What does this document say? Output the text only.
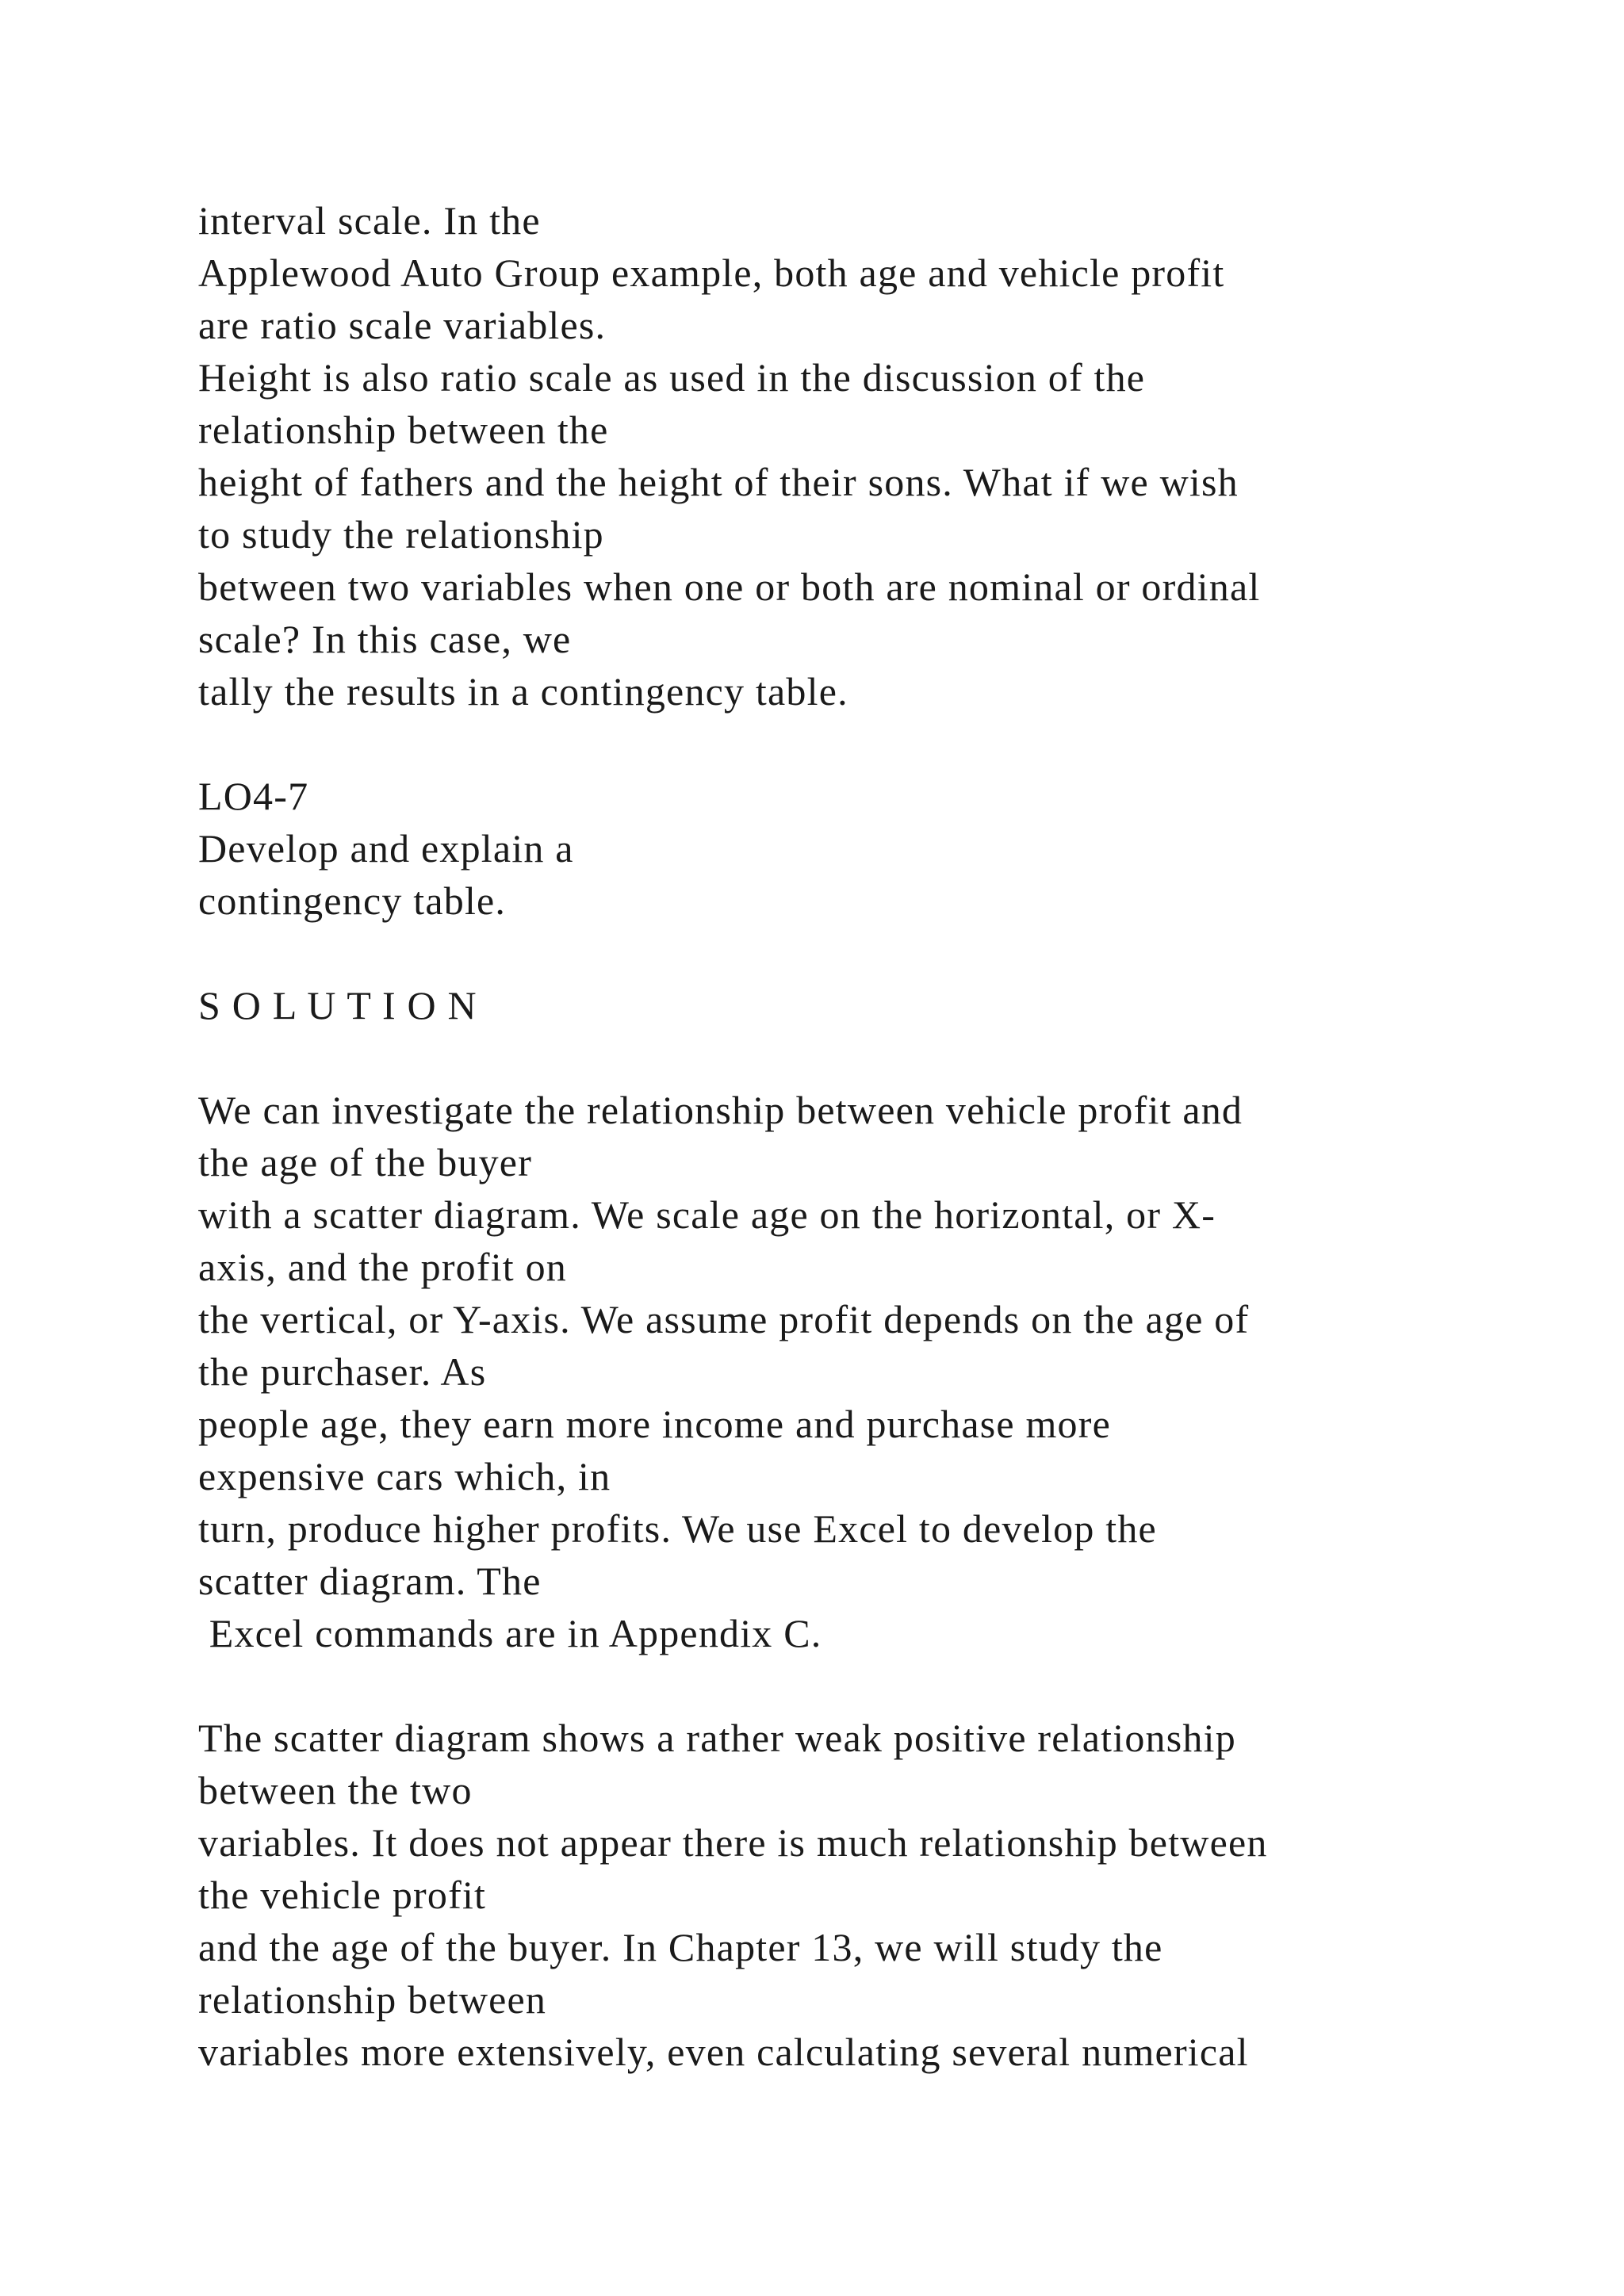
interval scale. In the
Applewood Auto Group example, both age and vehicle profit
are ratio scale variables.
Height is also ratio scale as used in the discussion of the
relationship between the
height of fathers and the height of their sons. What if we wish
to study the relationship
between two variables when one or both are nominal or ordinal
scale? In this case, we
tally the results in a contingency table.
LO4-7
Develop and explain a
contingency table.
S O L U T I O N
We can investigate the relationship between vehicle profit and
the age of the buyer
with a scatter diagram. We scale age on the horizontal, or X-
axis, and the profit on
the vertical, or Y-axis. We assume profit depends on the age of
the purchaser. As
people age, they earn more income and purchase more
expensive cars which, in
turn, produce higher profits. We use Excel to develop the
scatter diagram. The
Excel commands are in Appendix C.
The scatter diagram shows a rather weak positive relationship
between the two
variables. It does not appear there is much relationship between
the vehicle profit
and the age of the buyer. In Chapter 13, we will study the
relationship between
variables more extensively, even calculating several numerical
